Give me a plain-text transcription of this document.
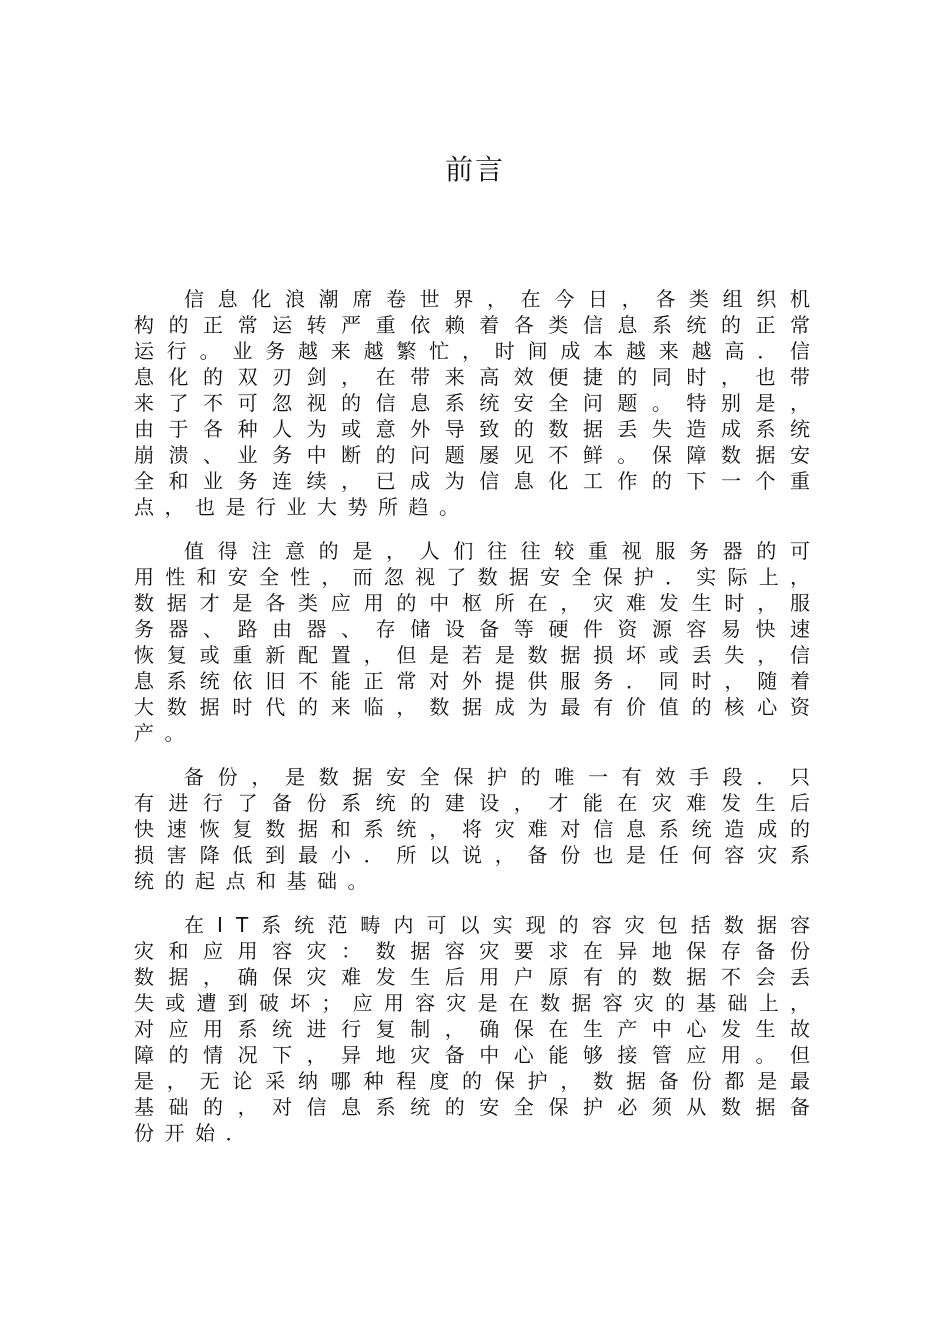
前言
信息化浪潮席卷世界，在今日，各类组织机
构的正常运转严重依赖着各类信息系统的正常
运行。业务越来越繁忙，时间成本越来越高．信
息化的双刃剑，在带来高效便捷的同时，也带
来了不可忽视的信息系统安全问题。特别是，
由于各种人为或意外导致的数据丢失造成系统
崩溃、业务中断的问题屡见不鲜。保障数据安
全和业务连续，已成为信息化工作的下一个重
点，也是行业大势所趋。
值得注意的是，人们往往较重视服务器的可
用性和安全性，而忽视了数据安全保护．实际上，
数据才是各类应用的中枢所在，灾难发生时，服
务器、路由器、存储设备等硬件资源容易快速
恢复或重新配置，但是若是数据损坏或丢失，信
息系统依旧不能正常对外提供服务．同时，随着
大数据时代的来临，数据成为最有价值的核心资
产。
备份，是数据安全保护的唯一有效手段．只
有进行了备份系统的建设，才能在灾难发生后
快速恢复数据和系统，将灾难对信息系统造成的
损害降低到最小．所以说，备份也是任何容灾系
统的起点和基础。
在IT系统范畴内可以实现的容灾包括数据容
灾和应用容灾：数据容灾要求在异地保存备份
数据，确保灾难发生后用户原有的数据不会丢
失或遭到破坏；应用容灾是在数据容灾的基础上，
对应用系统进行复制，确保在生产中心发生故
障的情况下，异地灾备中心能够接管应用。但
是，无论采纳哪种程度的保护，数据备份都是最
基础的，对信息系统的安全保护必须从数据备
份开始．
